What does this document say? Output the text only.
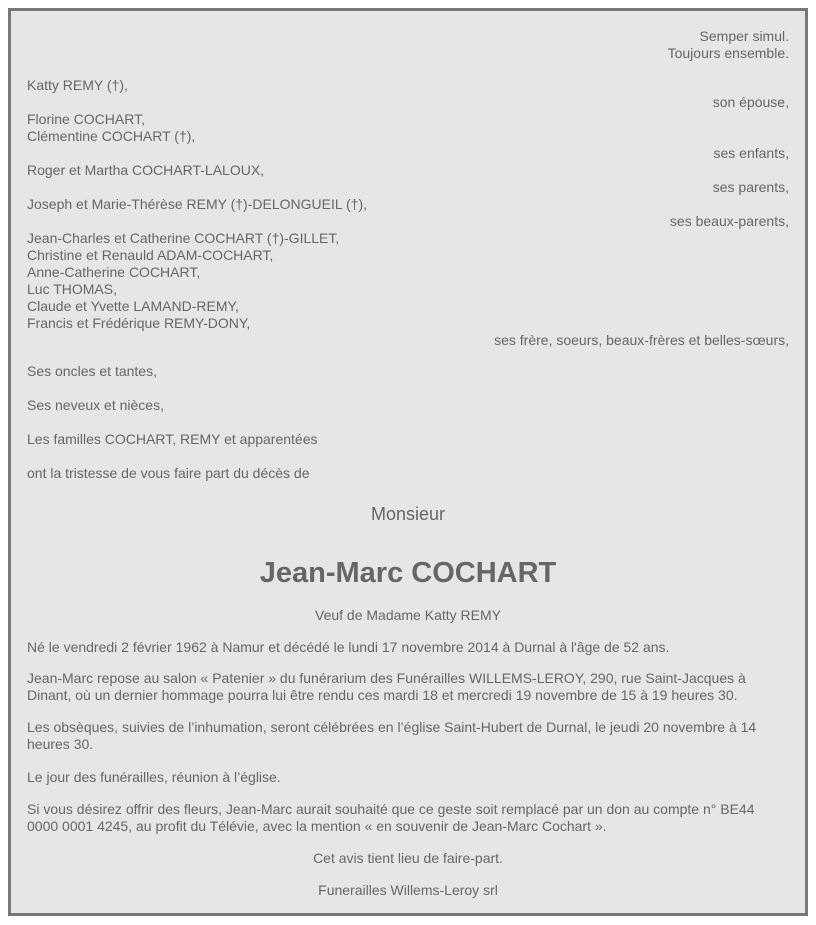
Semper simul.
Toujours ensemble.
Katty REMY (†),
son épouse,
Florine COCHART,
Clémentine COCHART (†),
ses enfants,
Roger et Martha COCHART-LALOUX,
ses parents,
Joseph et Marie-Thérèse REMY (†)-DELONGUEIL (†),
ses beaux-parents,
Jean-Charles et Catherine COCHART (†)-GILLET,
Christine et Renauld ADAM-COCHART,
Anne-Catherine COCHART,
Luc THOMAS,
Claude et Yvette LAMAND-REMY,
Francis et Frédérique REMY-DONY,
ses frère, soeurs, beaux-frères et belles-sœurs,
Ses oncles et tantes,
Ses neveux et nièces,
Les familles COCHART, REMY et apparentées
ont la tristesse de vous faire part du décès de
Monsieur
Jean-Marc COCHART
Veuf de Madame Katty REMY
Né le vendredi 2 février 1962 à Namur et décédé le lundi 17 novembre 2014 à Durnal à l'âge de 52 ans.
Jean-Marc repose au salon « Patenier » du funérarium des Funérailles WILLEMS-LEROY, 290, rue Saint-Jacques à
Dinant, où un dernier hommage pourra lui être rendu ces mardi 18 et mercredi 19 novembre de 15 à 19 heures 30.
Les obsèques, suivies de l’inhumation, seront célébrées en l’église Saint-Hubert de Durnal, le jeudi 20 novembre à 14
heures 30.
Le jour des funérailles, réunion à l’église.
Si vous désirez offrir des fleurs, Jean-Marc aurait souhaité que ce geste soit remplacé par un don au compte n° BE44
0000 0001 4245, au profit du Télévie, avec la mention « en souvenir de Jean-Marc Cochart ».
Cet avis tient lieu de faire-part.
Funerailles Willems-Leroy srl
